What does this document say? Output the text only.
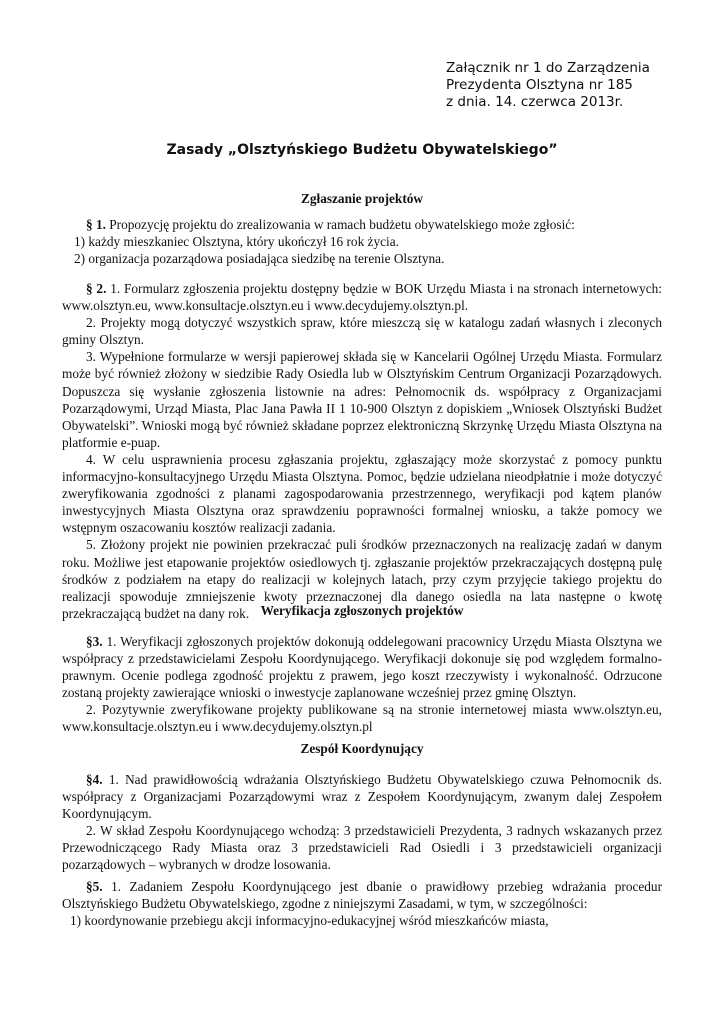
Załącznik nr 1 do Zarządzenia
Prezydenta Olsztyna nr 185
z dnia. 14. czerwca 2013r.
Zasady „Olsztyńskiego Budżetu Obywatelskiego”

Zgłaszanie projektów

§ 1. Propozycję projektu do zrealizowania w ramach budżetu obywatelskiego może zgłosić:

1) każdy mieszkaniec Olsztyna, który ukończył 16 rok życia.

2) organizacja pozarządowa posiadająca siedzibę na terenie Olsztyna.

§ 2. 1. Formularz zgłoszenia projektu dostępny będzie w BOK Urzędu Miasta i na stronach internetowych: www.olsztyn.eu, www.konsultacje.olsztyn.eu i www.decydujemy.olsztyn.pl.

2. Projekty mogą dotyczyć wszystkich spraw, które mieszczą się w katalogu zadań własnych i zleconych gminy Olsztyn.

3. Wypełnione formularze w wersji papierowej składa się w Kancelarii Ogólnej Urzędu Miasta. Formularz może być również złożony w siedzibie Rady Osiedla lub w Olsztyńskim Centrum Organizacji Pozarządowych. Dopuszcza się wysłanie zgłoszenia listownie na adres: Pełnomocnik ds. współpracy z Organizacjami Pozarządowymi, Urząd Miasta, Plac Jana Pawła II 1 10-900 Olsztyn z dopiskiem „Wniosek Olsztyński Budżet Obywatelski”. Wnioski mogą być również składane poprzez elektroniczną Skrzynkę Urzędu Miasta Olsztyna na platformie e-puap.

4. W celu usprawnienia procesu zgłaszania projektu, zgłaszający może skorzystać z pomocy punktu informacyjno-konsultacyjnego Urzędu Miasta Olsztyna. Pomoc, będzie udzielana nieodpłatnie i może dotyczyć zweryfikowania zgodności z planami zagospodarowania przestrzennego, weryfikacji pod kątem planów inwestycyjnych Miasta Olsztyna oraz sprawdzeniu poprawności formalnej wniosku, a także pomocy we wstępnym oszacowaniu kosztów realizacji zadania.

5. Złożony projekt nie powinien przekraczać puli środków przeznaczonych na realizację zadań w danym roku. Możliwe jest etapowanie projektów osiedlowych tj. zgłaszanie projektów przekraczających dostępną pulę środków z podziałem na etapy do realizacji w kolejnych latach, przy czym przyjęcie takiego projektu do realizacji spowoduje zmniejszenie kwoty przeznaczonej dla danego osiedla na lata następne o kwotę przekraczającą budżet na dany rok. Weryfikacja zgłoszonych projektów

§3. 1. Weryfikacji zgłoszonych projektów dokonują oddelegowani pracownicy Urzędu Miasta Olsztyna we współpracy z przedstawicielami Zespołu Koordynującego. Weryfikacji dokonuje się pod względem formalno-prawnym. Ocenie podlega zgodność projektu z prawem, jego koszt rzeczywisty i wykonalność. Odrzucone zostaną projekty zawierające wnioski o inwestycje zaplanowane wcześniej przez gminę Olsztyn.

2. Pozytywnie zweryfikowane projekty publikowane są na stronie internetowej miasta www.olsztyn.eu, www.konsultacje.olsztyn.eu i www.decydujemy.olsztyn.pl

Zespół Koordynujący

§4. 1. Nad prawidłowością wdrażania Olsztyńskiego Budżetu Obywatelskiego czuwa Pełnomocnik ds. współpracy z Organizacjami Pozarządowymi wraz z Zespołem Koordynującym, zwanym dalej Zespołem Koordynującym.

2. W skład Zespołu Koordynującego wchodzą: 3 przedstawicieli Prezydenta, 3 radnych wskazanych przez Przewodniczącego Rady Miasta oraz 3 przedstawicieli Rad Osiedli i 3 przedstawicieli organizacji pozarządowych – wybranych w drodze losowania.

§5. 1. Zadaniem Zespołu Koordynującego jest dbanie o prawidłowy przebieg wdrażania procedur Olsztyńskiego Budżetu Obywatelskiego, zgodne z niniejszymi Zasadami, w tym, w szczególności:

1) koordynowanie przebiegu akcji informacyjno-edukacyjnej wśród mieszkańców miasta,
